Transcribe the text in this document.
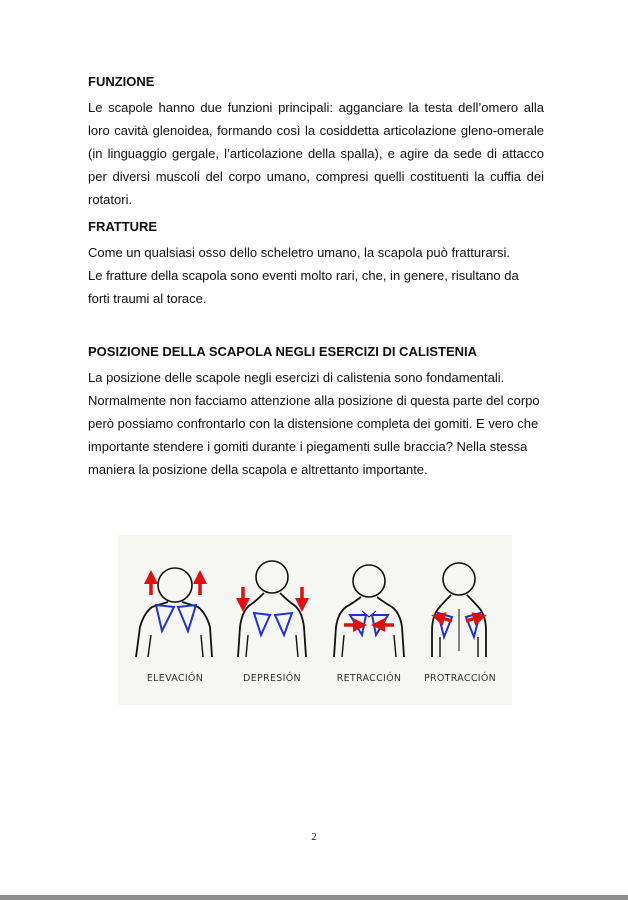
FUNZIONE

Le scapole hanno due funzioni principali: agganciare la testa dell’omero alla loro cavità glenoidea, formando così la cosiddetta articolazione gleno-omerale (in linguaggio gergale, l’articolazione della spalla), e agire da sede di attacco per diversi muscoli del corpo umano, compresi quelli costituenti la cuffia dei rotatori.

FRATTURE
Come un qualsiasi osso dello scheletro umano, la scapola può fratturarsi.
Le fratture della scapola sono eventi molto rari, che, in genere, risultano da
forti traumi al torace.
POSIZIONE DELLA SCAPOLA NEGLI ESERCIZI DI CALISTENIA
La posizione delle scapole negli esercizi di calistenia sono fondamentali.
Normalmente non facciamo attenzione alla posizione di questa parte del corpo
però possiamo confrontarlo con la distensione completa dei gomiti. E vero che
importante stendere i gomiti durante i piegamenti sulle braccia? Nella stessa
maniera la posizione della scapola e altrettanto importante.
ELEVACIÓN	DEPRESIÓN	RETRACCIÓN	PROTRACCIÓN
2
